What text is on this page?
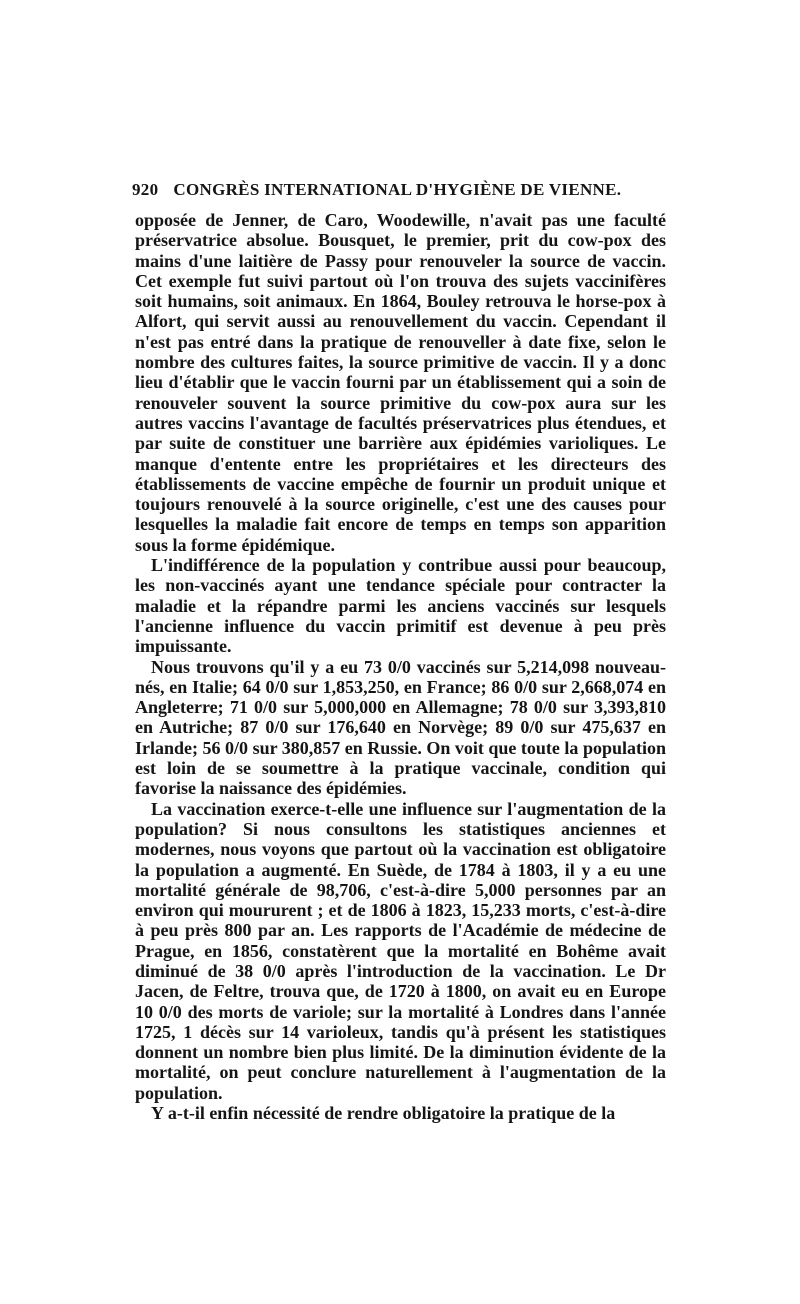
920 CONGRÈS INTERNATIONAL D'HYGIÈNE DE VIENNE.

opposée de Jenner, de Caro, Woodewille, n'avait pas une faculté préservatrice absolue. Bousquet, le premier, prit du cow-pox des mains d'une laitière de Passy pour renouveler la source de vaccin. Cet exemple fut suivi partout où l'on trouva des sujets vaccinifères soit humains, soit animaux. En 1864, Bouley retrouva le horse-pox à Alfort, qui servit aussi au renouvellement du vaccin. Cependant il n'est pas entré dans la pratique de renouveller à date fixe, selon le nombre des cultures faites, la source primitive de vaccin. Il y a donc lieu d'établir que le vaccin fourni par un établissement qui a soin de renouveler souvent la source primitive du cow-pox aura sur les autres vaccins l'avantage de facultés préservatrices plus étendues, et par suite de constituer une barrière aux épidémies varioliques. Le manque d'entente entre les propriétaires et les directeurs des établissements de vaccine empêche de fournir un produit unique et toujours renouvelé à la source originelle, c'est une des causes pour lesquelles la maladie fait encore de temps en temps son apparition sous la forme épidémique.

L'indifférence de la population y contribue aussi pour beaucoup, les non-vaccinés ayant une tendance spéciale pour contracter la maladie et la répandre parmi les anciens vaccinés sur lesquels l'ancienne influence du vaccin primitif est devenue à peu près impuissante.

Nous trouvons qu'il y a eu 73 0/0 vaccinés sur 5,214,098 nouveau-nés, en Italie; 64 0/0 sur 1,853,250, en France; 86 0/0 sur 2,668,074 en Angleterre; 71 0/0 sur 5,000,000 en Allemagne; 78 0/0 sur 3,393,810 en Autriche; 87 0/0 sur 176,640 en Norvège; 89 0/0 sur 475,637 en Irlande; 56 0/0 sur 380,857 en Russie. On voit que toute la population est loin de se soumettre à la pratique vaccinale, condition qui favorise la naissance des épidémies.

La vaccination exerce-t-elle une influence sur l'augmentation de la population? Si nous consultons les statistiques anciennes et modernes, nous voyons que partout où la vaccination est obligatoire la population a augmenté. En Suède, de 1784 à 1803, il y a eu une mortalité générale de 98,706, c'est-à-dire 5,000 personnes par an environ qui moururent ; et de 1806 à 1823, 15,233 morts, c'est-à-dire à peu près 800 par an. Les rapports de l'Académie de médecine de Prague, en 1856, constatèrent que la mortalité en Bohême avait diminué de 38 0/0 après l'introduction de la vaccination. Le Dr Jacen, de Feltre, trouva que, de 1720 à 1800, on avait eu en Europe 10 0/0 des morts de variole; sur la mortalité à Londres dans l'année 1725, 1 décès sur 14 varioleux, tandis qu'à présent les statistiques donnent un nombre bien plus limité. De la diminution évidente de la mortalité, on peut conclure naturellement à l'augmentation de la population.

Y a-t-il enfin nécessité de rendre obligatoire la pratique de la
